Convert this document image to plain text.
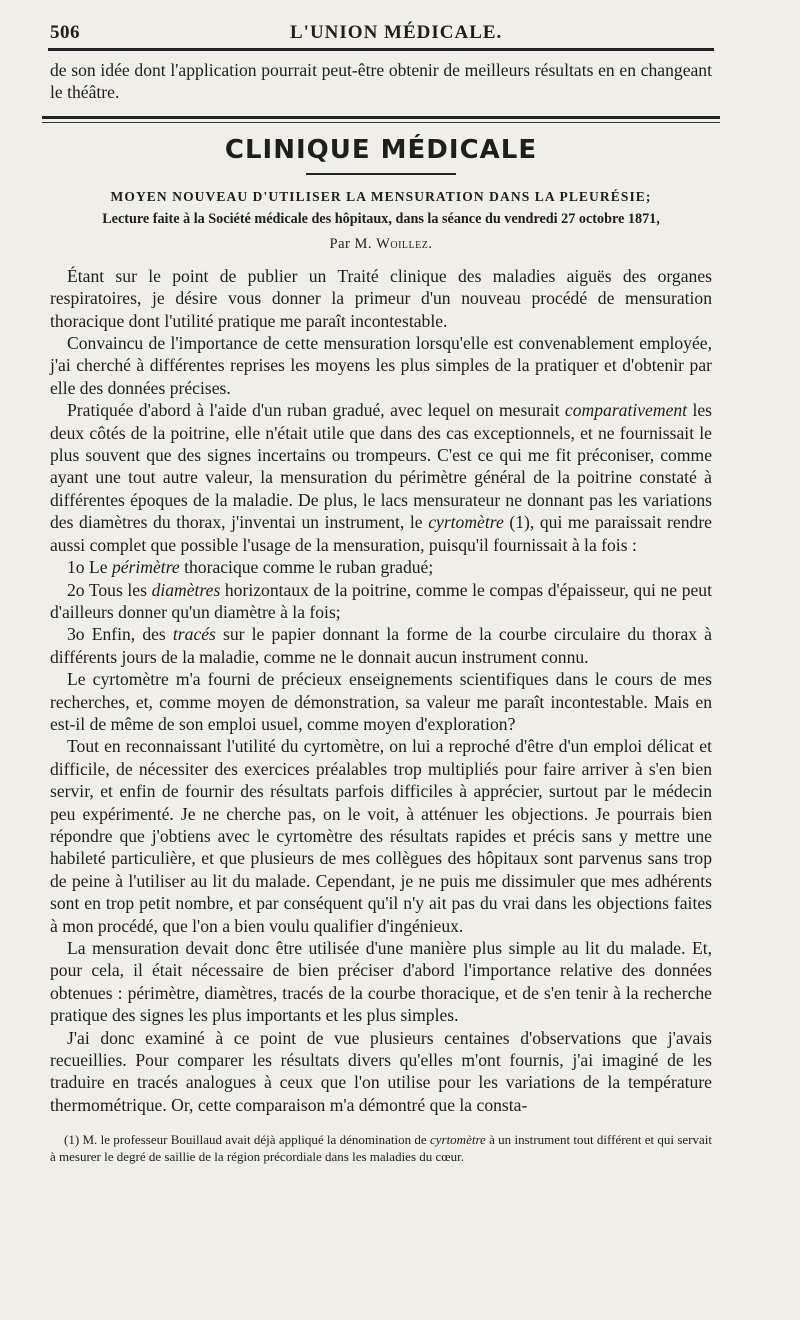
506	L'UNION MÉDICALE.

de son idée dont l'application pourrait peut-être obtenir de meilleurs résultats en en changeant le théâtre.

CLINIQUE MÉDICALE
MOYEN NOUVEAU D'UTILISER LA MENSURATION DANS LA PLEURÉSIE;
Lecture faite à la Société médicale des hôpitaux, dans la séance du vendredi 27 octobre 1871,
Par M. Woillez.

Étant sur le point de publier un Traité clinique des maladies aiguës des organes respiratoires, je désire vous donner la primeur d'un nouveau procédé de mensuration thoracique dont l'utilité pratique me paraît incontestable.

Convaincu de l'importance de cette mensuration lorsqu'elle est convenablement employée, j'ai cherché à différentes reprises les moyens les plus simples de la pratiquer et d'obtenir par elle des données précises.

Pratiquée d'abord à l'aide d'un ruban gradué, avec lequel on mesurait comparativement les deux côtés de la poitrine, elle n'était utile que dans des cas exceptionnels, et ne fournissait le plus souvent que des signes incertains ou trompeurs. C'est ce qui me fit préconiser, comme ayant une tout autre valeur, la mensuration du périmètre général de la poitrine constaté à différentes époques de la maladie. De plus, le lacs mensurateur ne donnant pas les variations des diamètres du thorax, j'inventai un instrument, le cyrtomètre (1), qui me paraissait rendre aussi complet que possible l'usage de la mensuration, puisqu'il fournissait à la fois :

1o Le périmètre thoracique comme le ruban gradué;

2o Tous les diamètres horizontaux de la poitrine, comme le compas d'épaisseur, qui ne peut d'ailleurs donner qu'un diamètre à la fois;

3o Enfin, des tracés sur le papier donnant la forme de la courbe circulaire du thorax à différents jours de la maladie, comme ne le donnait aucun instrument connu.

Le cyrtomètre m'a fourni de précieux enseignements scientifiques dans le cours de mes recherches, et, comme moyen de démonstration, sa valeur me paraît incontestable. Mais en est-il de même de son emploi usuel, comme moyen d'exploration?

Tout en reconnaissant l'utilité du cyrtomètre, on lui a reproché d'être d'un emploi délicat et difficile, de nécessiter des exercices préalables trop multipliés pour faire arriver à s'en bien servir, et enfin de fournir des résultats parfois difficiles à apprécier, surtout par le médecin peu expérimenté. Je ne cherche pas, on le voit, à atténuer les objections. Je pourrais bien répondre que j'obtiens avec le cyrtomètre des résultats rapides et précis sans y mettre une habileté particulière, et que plusieurs de mes collègues des hôpitaux sont parvenus sans trop de peine à l'utiliser au lit du malade. Cependant, je ne puis me dissimuler que mes adhérents sont en trop petit nombre, et par conséquent qu'il n'y ait pas du vrai dans les objections faites à mon procédé, que l'on a bien voulu qualifier d'ingénieux.

La mensuration devait donc être utilisée d'une manière plus simple au lit du malade. Et, pour cela, il était nécessaire de bien préciser d'abord l'importance relative des données obtenues : périmètre, diamètres, tracés de la courbe thoracique, et de s'en tenir à la recherche pratique des signes les plus importants et les plus simples.

J'ai donc examiné à ce point de vue plusieurs centaines d'observations que j'avais recueillies. Pour comparer les résultats divers qu'elles m'ont fournis, j'ai imaginé de les traduire en tracés analogues à ceux que l'on utilise pour les variations de la température thermométrique. Or, cette comparaison m'a démontré que la consta-

(1) M. le professeur Bouillaud avait déjà appliqué la dénomination de cyrtomètre à un instrument tout différent et qui servait à mesurer le degré de saillie de la région précordiale dans les maladies du cœur.
